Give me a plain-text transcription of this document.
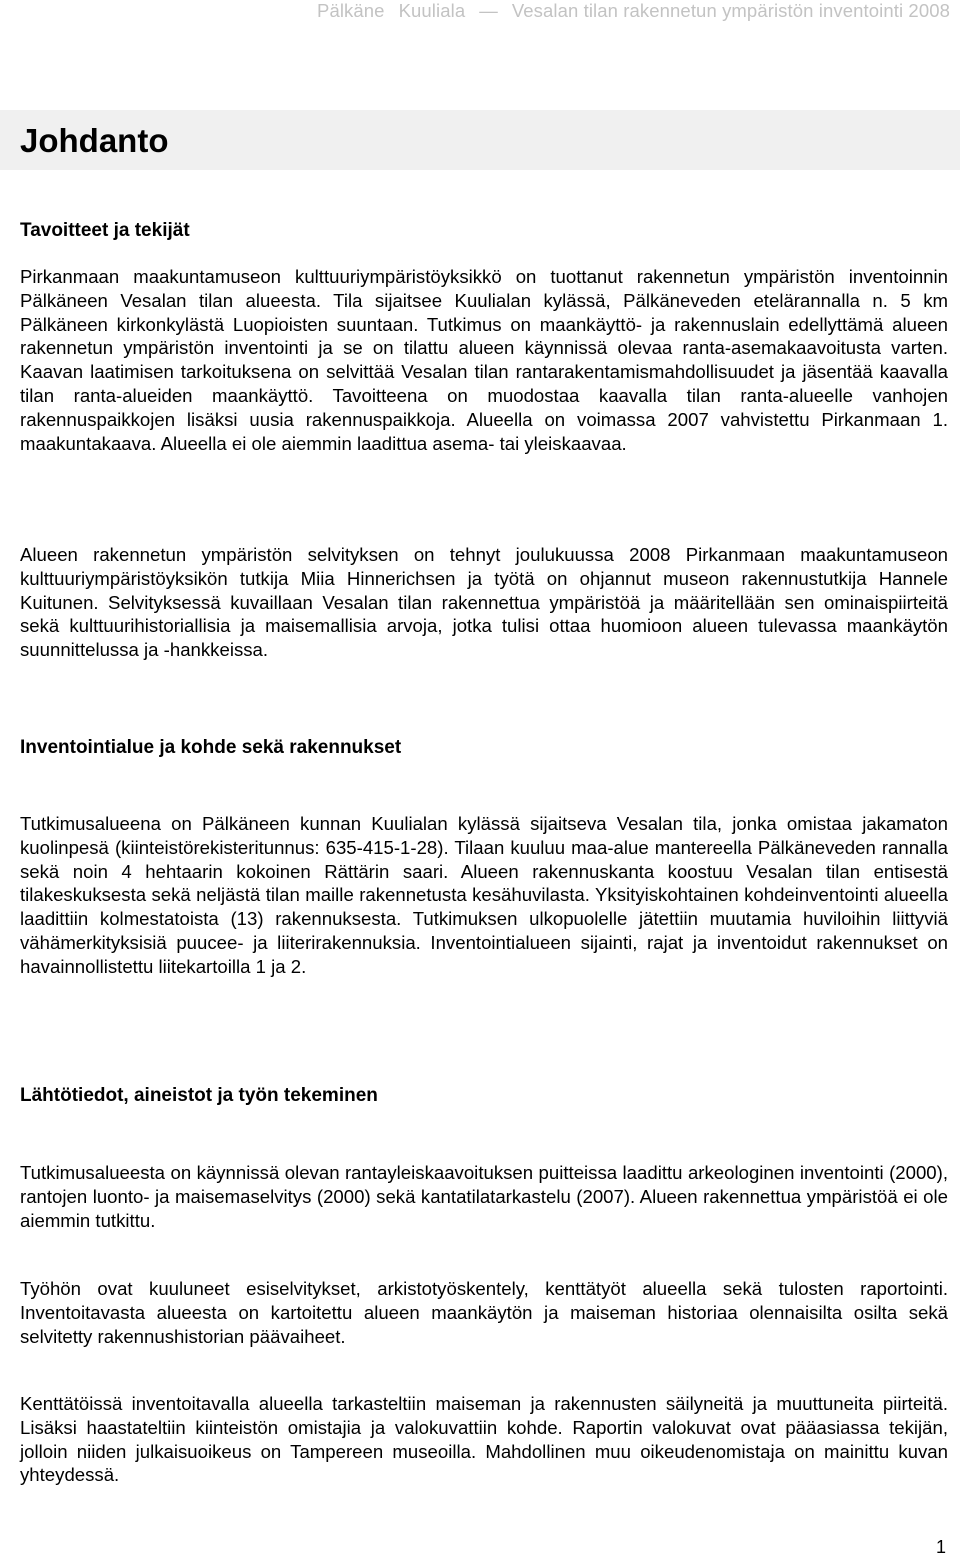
Pälkäne Kuuliala — Vesalan tilan rakennetun ympäristön inventointi 2008
Johdanto
Tavoitteet ja tekijät

Pirkanmaan maakuntamuseon kulttuuriympäristöyksikkö on tuottanut rakennetun ympäristön inventoinnin Pälkäneen Vesalan tilan alueesta. Tila sijaitsee Kuulialan kylässä, Pälkäneveden etelärannalla n. 5 km Pälkäneen kirkonkylästä Luopioisten suuntaan. Tutkimus on maankäyttö- ja rakennuslain edellyttämä alueen rakennetun ympäristön inventointi ja se on tilattu alueen käynnissä olevaa ranta-asemakaavoitusta varten. Kaavan laatimisen tarkoituksena on selvittää Vesalan tilan rantarakentamismahdollisuudet ja jäsentää kaavalla tilan ranta-alueiden maankäyttö. Tavoitteena on muodostaa kaavalla tilan ranta-alueelle vanhojen rakennuspaikkojen lisäksi uusia rakennuspaikkoja. Alueella on voimassa 2007 vahvistettu Pirkanmaan 1. maakuntakaava. Alueella ei ole aiemmin laadittua asema- tai yleiskaavaa.

Alueen rakennetun ympäristön selvityksen on tehnyt joulukuussa 2008 Pirkanmaan maakuntamuseon kulttuuriympäristöyksikön tutkija Miia Hinnerichsen ja työtä on ohjannut museon rakennustutkija Hannele Kuitunen. Selvityksessä kuvaillaan Vesalan tilan rakennettua ympäristöä ja määritellään sen ominaispiirteitä sekä kulttuurihistoriallisia ja maisemallisia arvoja, jotka tulisi ottaa huomioon alueen tulevassa maankäytön suunnittelussa ja -hankkeissa.

Inventointialue ja kohde sekä rakennukset

Tutkimusalueena on Pälkäneen kunnan Kuulialan kylässä sijaitseva Vesalan tila, jonka omistaa jakamaton kuolinpesä (kiinteistörekisteritunnus: 635-415-1-28). Tilaan kuuluu maa-alue mantereella Pälkäneveden rannalla sekä noin 4 hehtaarin kokoinen Rättärin saari. Alueen rakennuskanta koostuu Vesalan tilan entisestä tilakeskuksesta sekä neljästä tilan maille rakennetusta kesähuvilasta. Yksityiskohtainen kohdeinventointi alueella laadittiin kolmestatoista (13) rakennuksesta. Tutkimuksen ulkopuolelle jätettiin muutamia huviloihin liittyviä vähämerkityksisiä puucee- ja liiterirakennuksia. Inventointialueen sijainti, rajat ja inventoidut rakennukset on havainnollistettu liitekartoilla 1 ja 2.

Lähtötiedot, aineistot ja työn tekeminen

Tutkimusalueesta on käynnissä olevan rantayleiskaavoituksen puitteissa laadittu arkeologinen inventointi (2000), rantojen luonto- ja maisemaselvitys (2000) sekä kantatilatarkastelu (2007). Alueen rakennettua ympäristöä ei ole aiemmin tutkittu.

Työhön ovat kuuluneet esiselvitykset, arkistotyöskentely, kenttätyöt alueella sekä tulosten raportointi. Inventoitavasta alueesta on kartoitettu alueen maankäytön ja maiseman historiaa olennaisilta osilta sekä selvitetty rakennushistorian päävaiheet.

Kenttätöissä inventoitavalla alueella tarkasteltiin maiseman ja rakennusten säilyneitä ja muuttuneita piirteitä. Lisäksi haastateltiin kiinteistön omistajia ja valokuvattiin kohde. Raportin valokuvat ovat pääasiassa tekijän, jolloin niiden julkaisuoikeus on Tampereen museoilla. Mahdollinen muu oikeudenomistaja on mainittu kuvan yhteydessä.

1
